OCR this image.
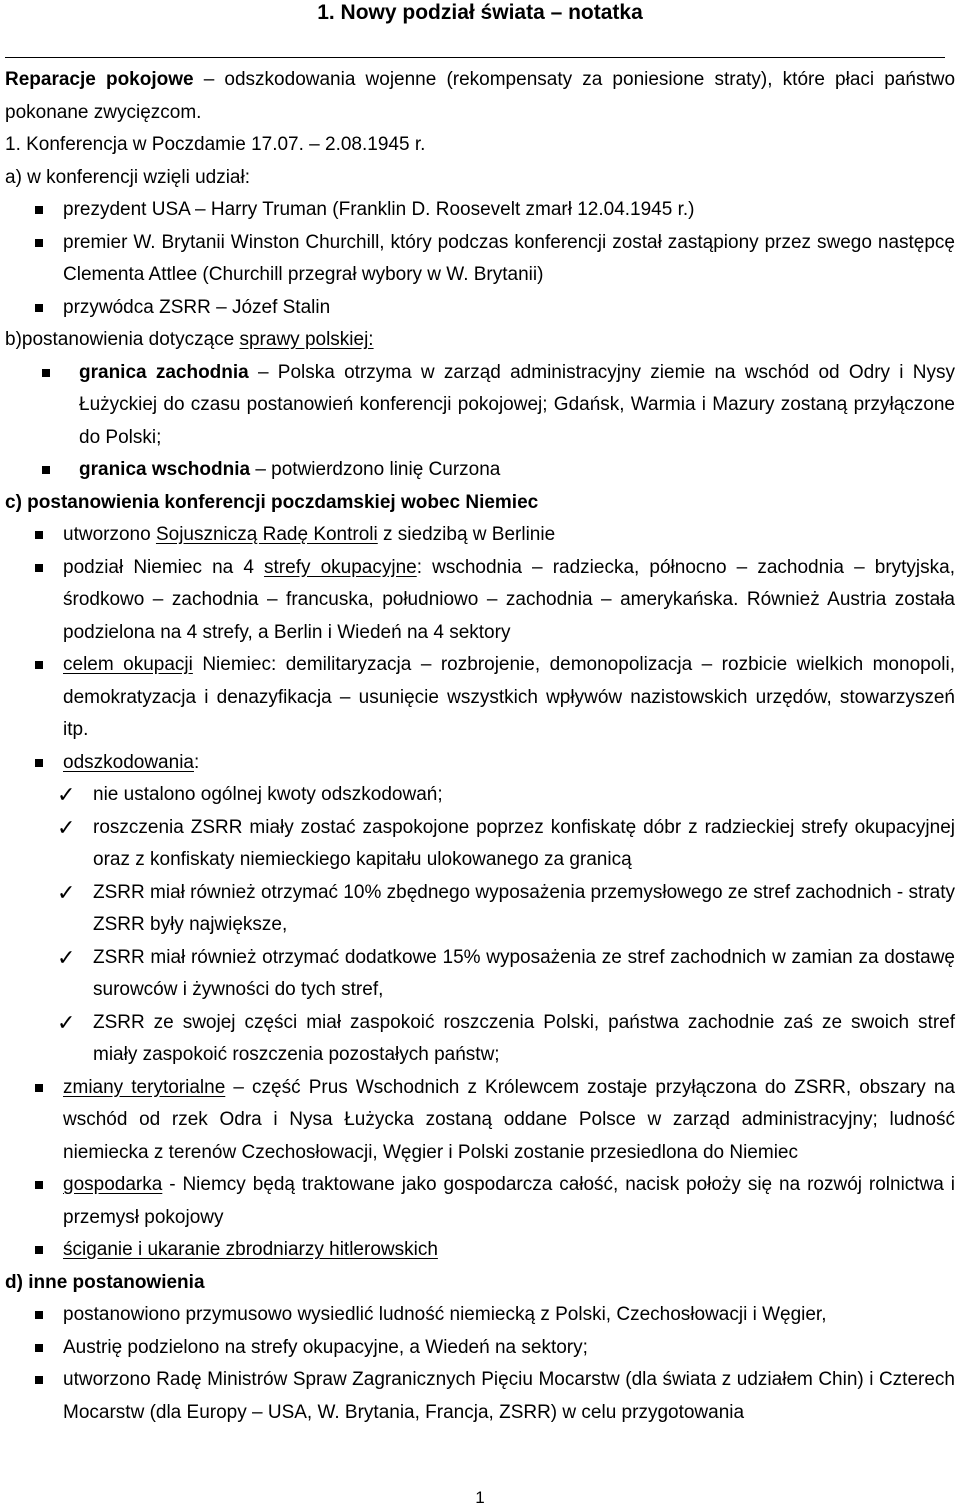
1. Nowy podział świata – notatka

Reparacje pokojowe – odszkodowania wojenne (rekompensaty za poniesione straty), które płaci państwo pokonane zwycięzcom.

1. Konferencja w Poczdamie 17.07. – 2.08.1945 r.

a) w konferencji wzięli udział:

prezydent USA – Harry Truman (Franklin D. Roosevelt zmarł 12.04.1945 r.)
premier W. Brytanii Winston Churchill, który podczas konferencji został zastąpiony przez swego następcę Clementa Attlee (Churchill przegrał wybory w W. Brytanii)
przywódca ZSRR – Józef Stalin

b)postanowienia dotyczące sprawy polskiej:

granica zachodnia – Polska otrzyma w zarząd administracyjny ziemie na wschód od Odry i Nysy Łużyckiej do czasu postanowień konferencji pokojowej; Gdańsk, Warmia i Mazury zostaną przyłączone do Polski;
granica wschodnia – potwierdzono linię Curzona

c) postanowienia konferencji poczdamskiej wobec Niemiec

utworzono Sojuszniczą Radę Kontroli z siedzibą w Berlinie
podział Niemiec na 4 strefy okupacyjne: wschodnia – radziecka, północno – zachodnia – brytyjska, środkowo – zachodnia – francuska, południowo – zachodnia – amerykańska. Również Austria została podzielona na 4 strefy, a Berlin i Wiedeń na 4 sektory
celem okupacji Niemiec: demilitaryzacja – rozbrojenie, demonopolizacja – rozbicie wielkich monopoli, demokratyzacja i denazyfikacja – usunięcie wszystkich wpływów nazistowskich urzędów, stowarzyszeń itp.
odszkodowania:
✓ nie ustalono ogólnej kwoty odszkodowań;
✓ roszczenia ZSRR miały zostać zaspokojone poprzez konfiskatę dóbr z radzieckiej strefy okupacyjnej oraz z konfiskaty niemieckiego kapitału ulokowanego za granicą
✓ ZSRR miał również otrzymać 10% zbędnego wyposażenia przemysłowego ze stref zachodnich - straty ZSRR były największe,
✓ ZSRR miał również otrzymać dodatkowe 15% wyposażenia ze stref zachodnich w zamian za dostawę surowców i żywności do tych stref,
✓ ZSRR ze swojej części miał zaspokoić roszczenia Polski, państwa zachodnie zaś ze swoich stref miały zaspokoić roszczenia pozostałych państw;
zmiany terytorialne – część Prus Wschodnich z Królewcem zostaje przyłączona do ZSRR, obszary na wschód od rzek Odra i Nysa Łużycka zostaną oddane Polsce w zarząd administracyjny; ludność niemiecka z terenów Czechosłowacji, Węgier i Polski zostanie przesiedlona do Niemiec
gospodarka - Niemcy będą traktowane jako gospodarcza całość, nacisk położy się na rozwój rolnictwa i przemysł pokojowy
ściganie i ukaranie zbrodniarzy hitlerowskich

d) inne postanowienia

postanowiono przymusowo wysiedlić ludność niemiecką z Polski, Czechosłowacji i Węgier,
Austrię podzielono na strefy okupacyjne, a Wiedeń na sektory;
utworzono Radę Ministrów Spraw Zagranicznych Pięciu Mocarstw (dla świata z udziałem Chin) i Czterech Mocarstw (dla Europy – USA, W. Brytania, Francja, ZSRR) w celu przygotowania
1
